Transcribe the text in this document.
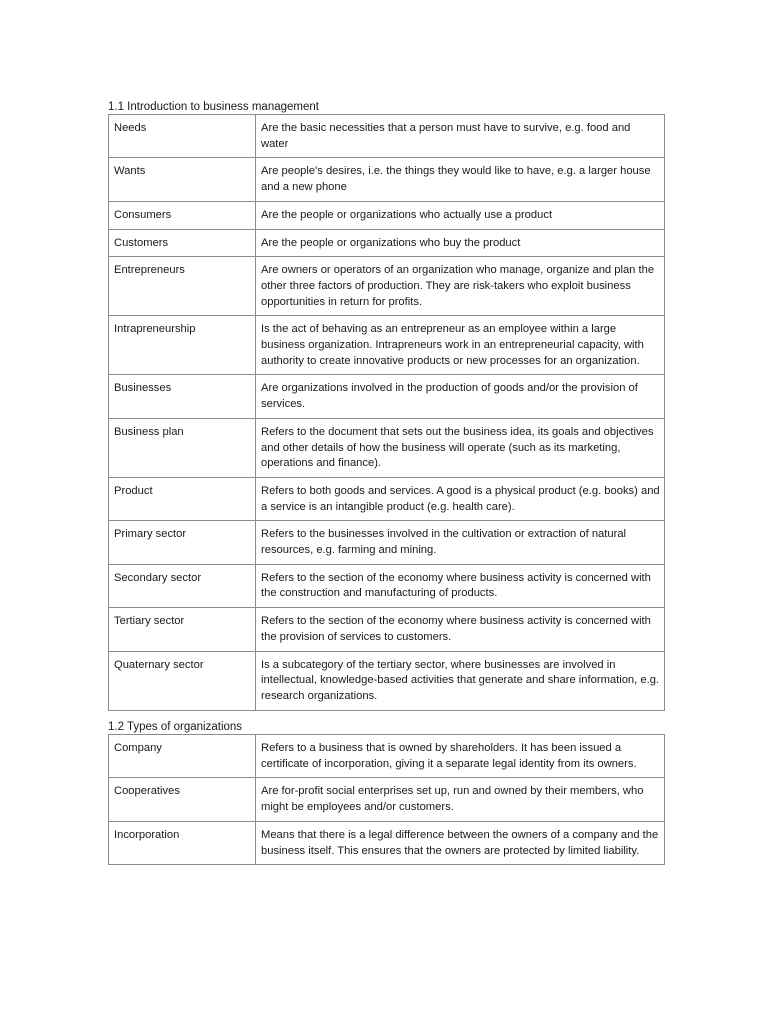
1.1 Introduction to business management
Needs	Are the basic necessities that a person must have to survive, e.g. food and water
Wants	Are people's desires, i.e. the things they would like to have, e.g. a larger house and a new phone
Consumers	Are the people or organizations who actually use a product
Customers	Are the people or organizations who buy the product
Entrepreneurs	Are owners or operators of an organization who manage, organize and plan the other three factors of production. They are risk-takers who exploit business opportunities in return for profits.
Intrapreneurship	Is the act of behaving as an entrepreneur as an employee within a large business organization. Intrapreneurs work in an entrepreneurial capacity, with authority to create innovative products or new processes for an organization.
Businesses	Are organizations involved in the production of goods and/or the provision of services.
Business plan	Refers to the document that sets out the business idea, its goals and objectives and other details of how the business will operate (such as its marketing, operations and finance).
Product	Refers to both goods and services. A good is a physical product (e.g. books) and a service is an intangible product (e.g. health care).
Primary sector	Refers to the businesses involved in the cultivation or extraction of natural resources, e.g. farming and mining.
Secondary sector	Refers to the section of the economy where business activity is concerned with the construction and manufacturing of products.
Tertiary sector	Refers to the section of the economy where business activity is concerned with the provision of services to customers.
Quaternary sector	Is a subcategory of the tertiary sector, where businesses are involved in intellectual, knowledge-based activities that generate and share information, e.g. research organizations.
1.2 Types of organizations
Company	Refers to a business that is owned by shareholders. It has been issued a certificate of incorporation, giving it a separate legal identity from its owners.
Cooperatives	Are for-profit social enterprises set up, run and owned by their members, who might be employees and/or customers.
Incorporation	Means that there is a legal difference between the owners of a company and the business itself. This ensures that the owners are protected by limited liability.
